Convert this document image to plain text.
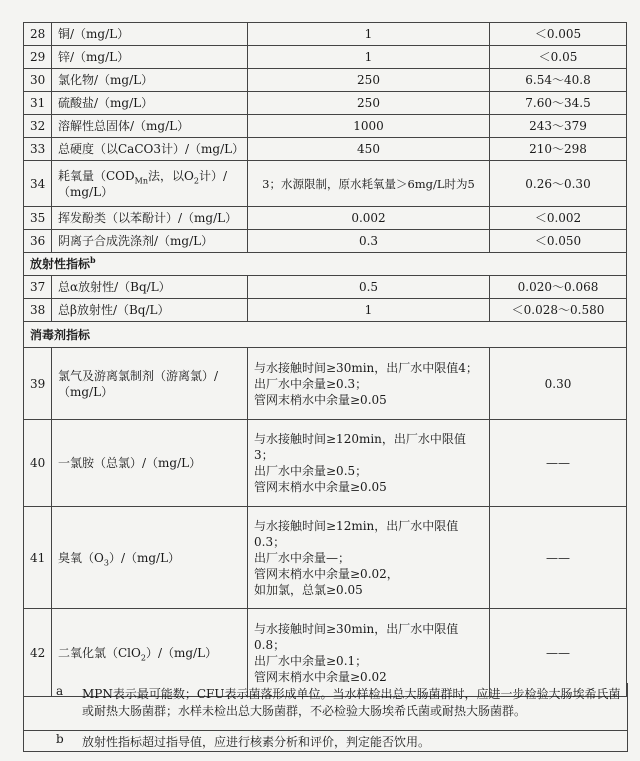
28	铜/（mg/L）	1	＜0.005
29	锌/（mg/L）	1	＜0.05
30	氯化物/（mg/L）	250	6.54～40.8
31	硫酸盐/（mg/L）	250	7.60～34.5
32	溶解性总固体/（mg/L）	1000	243～379
33	总硬度（以CaCO3计）/（mg/L）	450	210～298
34	耗氧量（$COD_{Mn}$法，以$O_2$计）/（mg/L）	3；水源限制，原水耗氧量＞6mg/L时为5	0.26～0.30
35	挥发酚类（以苯酚计）/（mg/L）	0.002	＜0.002
36	阴离子合成洗涤剂/（mg/L）	0.3	＜0.050
放射性指标$^b$
37	总α放射性/（Bq/L）	0.5	0.020～0.068
38	总β放射性/（Bq/L）	1	＜0.028～0.580
消毒剂指标			
39	氯气及游离氯制剂（游离氯）/（mg/L）	与水接触时间≥30min，出厂水中限值4；
出厂水中余量≥0.3；
管网末梢水中余量≥0.05	0.30
40	一氯胺（总氯）/（mg/L）	与水接触时间≥120min，出厂水中限值
3；
出厂水中余量≥0.5；
管网末梢水中余量≥0.05	——
41	臭氧$(O_3)/(mg/L)$	与水接触时间≥12min，出厂水中限值
0.3；
出厂水中余量—；
管网末梢水中余量≥0.02，
如加氯，总氯≥0.05	——
42	二氧化氯（ClO$_2$）/（mg/L）	与水接触时间≥30min，出厂水中限值
0.8；
出厂水中余量≥0.1；
管网末梢水中余量≥0.02	——
a MPN表示最可能数；CFU表示菌落形成单位。当水样检出总大肠菌群时，应进一步检验大肠埃希氏菌或耐热大肠菌群；水样未检出总大肠菌群，不必检验大肠埃希氏菌或耐热大肠菌群。
b 放射性指标超过指导值，应进行核素分析和评价，判定能否饮用。
